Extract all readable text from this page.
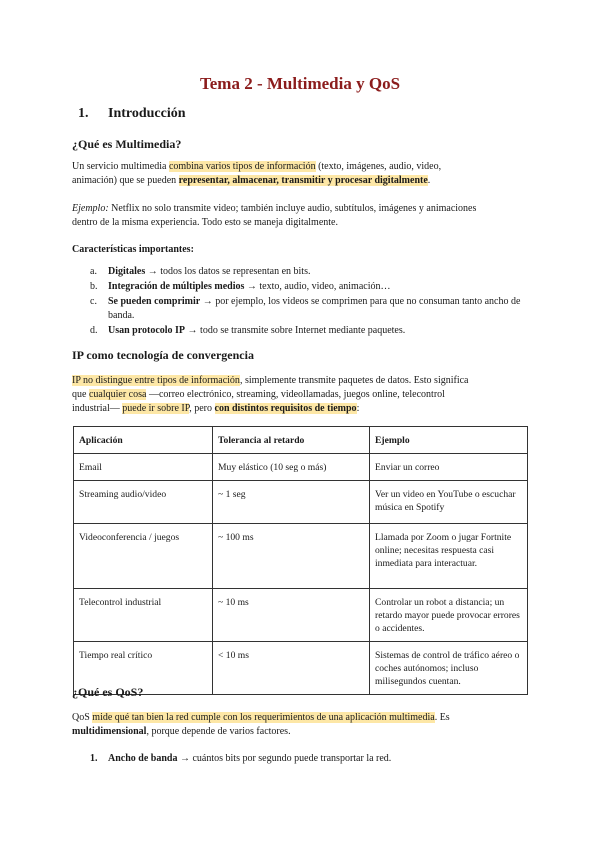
Tema 2 - Multimedia y QoS
1. Introducción
¿Qué es Multimedia?
Un servicio multimedia combina varios tipos de información (texto, imágenes, audio, video,
animación) que se pueden representar, almacenar, transmitir y procesar digitalmente.
Ejemplo: Netflix no solo transmite video; también incluye audio, subtítulos, imágenes y animaciones
dentro de la misma experiencia. Todo esto se maneja digitalmente.
Características importantes:
a. Digitales → todos los datos se representan en bits.
b. Integración de múltiples medios → texto, audio, video, animación…
c. Se pueden comprimir → por ejemplo, los videos se comprimen para que no consuman tanto ancho de banda.
d. Usan protocolo IP → todo se transmite sobre Internet mediante paquetes.
IP como tecnología de convergencia
IP no distingue entre tipos de información, simplemente transmite paquetes de datos. Esto significa
que cualquier cosa —correo electrónico, streaming, videollamadas, juegos online, telecontrol
industrial— puede ir sobre IP, pero con distintos requisitos de tiempo:
Aplicación	Tolerancia al retardo	Ejemplo
Email	Muy elástico (10 seg o más)	Enviar un correo
Streaming audio/video	~ 1 seg	Ver un video en YouTube o escuchar música en Spotify
Videoconferencia / juegos	~ 100 ms	Llamada por Zoom o jugar Fortnite online; necesitas respuesta casi inmediata para interactuar.
Telecontrol industrial	~ 10 ms	Controlar un robot a distancia; un retardo mayor puede provocar errores o accidentes.
Tiempo real crítico	< 10 ms	Sistemas de control de tráfico aéreo o coches autónomos; incluso milisegundos cuentan.
¿Qué es QoS?
QoS mide qué tan bien la red cumple con los requerimientos de una aplicación multimedia. Es
multidimensional, porque depende de varios factores.
1. Ancho de banda → cuántos bits por segundo puede transportar la red.
